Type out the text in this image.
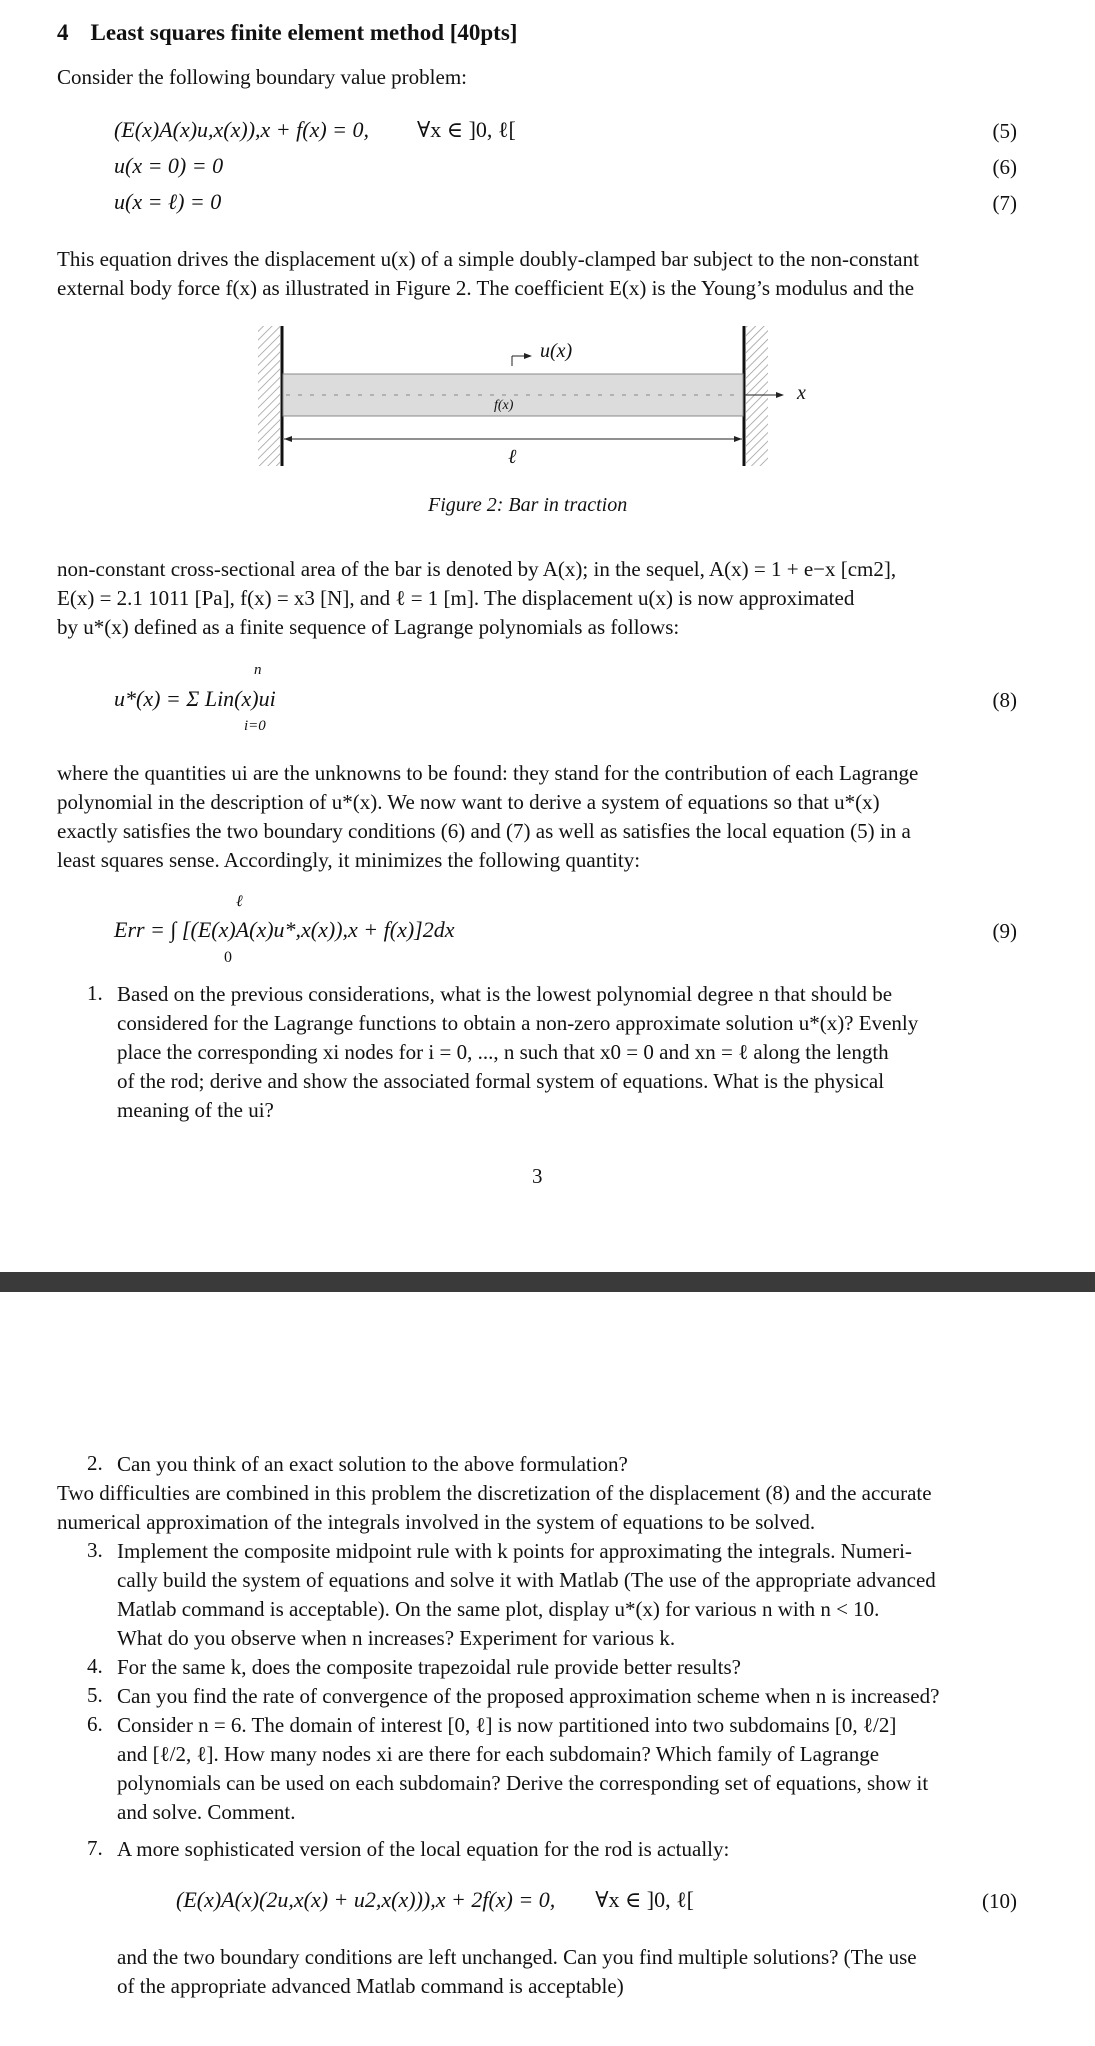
4 Least squares finite element method [40pts]
Consider the following boundary value problem:
(E(x)A(x)u,x(x)),x + f(x) = 0, ∀x ∈ ]0, ℓ[	(5)
u(x = 0) = 0	(6)
u(x = ℓ) = 0	(7)
This equation drives the displacement u(x) of a simple doubly-clamped bar subject to the non-constant
external body force f(x) as illustrated in Figure 2. The coefficient E(x) is the Young’s modulus and the
u(x)
f(x)
x
ℓ
Figure 2: Bar in traction
non-constant cross-sectional area of the bar is denoted by A(x); in the sequel, A(x) = 1 + e−x [cm2],
E(x) = 2.1 1011 [Pa], f(x) = x3 [N], and ℓ = 1 [m]. The displacement u(x) is now approximated
by u*(x) defined as a finite sequence of Lagrange polynomials as follows:
n
u*(x) = Σ Lin(x)ui
i=0
(8)
where the quantities ui are the unknowns to be found: they stand for the contribution of each Lagrange
polynomial in the description of u*(x). We now want to derive a system of equations so that u*(x)
exactly satisfies the two boundary conditions (6) and (7) as well as satisfies the local equation (5) in a
least squares sense. Accordingly, it minimizes the following quantity:
ℓ
Err = ∫ [(E(x)A(x)u*,x(x)),x + f(x)]2dx
0
(9)
1. Based on the previous considerations, what is the lowest polynomial degree n that should be
considered for the Lagrange functions to obtain a non-zero approximate solution u*(x)? Evenly
place the corresponding xi nodes for i = 0, ..., n such that x0 = 0 and xn = ℓ along the length
of the rod; derive and show the associated formal system of equations. What is the physical
meaning of the ui?
3
2. Can you think of an exact solution to the above formulation?
Two difficulties are combined in this problem the discretization of the displacement (8) and the accurate
numerical approximation of the integrals involved in the system of equations to be solved.
3. Implement the composite midpoint rule with k points for approximating the integrals. Numeri-
cally build the system of equations and solve it with Matlab (The use of the appropriate advanced
Matlab command is acceptable). On the same plot, display u*(x) for various n with n < 10.
What do you observe when n increases? Experiment for various k.
4. For the same k, does the composite trapezoidal rule provide better results?
5. Can you find the rate of convergence of the proposed approximation scheme when n is increased?
6. Consider n = 6. The domain of interest [0, ℓ] is now partitioned into two subdomains [0, ℓ/2]
and [ℓ/2, ℓ]. How many nodes xi are there for each subdomain? Which family of Lagrange
polynomials can be used on each subdomain? Derive the corresponding set of equations, show it
and solve. Comment.
7. A more sophisticated version of the local equation for the rod is actually:
(E(x)A(x)(2u,x(x) + u2,x(x))),x + 2f(x) = 0, ∀x ∈ ]0, ℓ[	(10)
and the two boundary conditions are left unchanged. Can you find multiple solutions? (The use
of the appropriate advanced Matlab command is acceptable)
